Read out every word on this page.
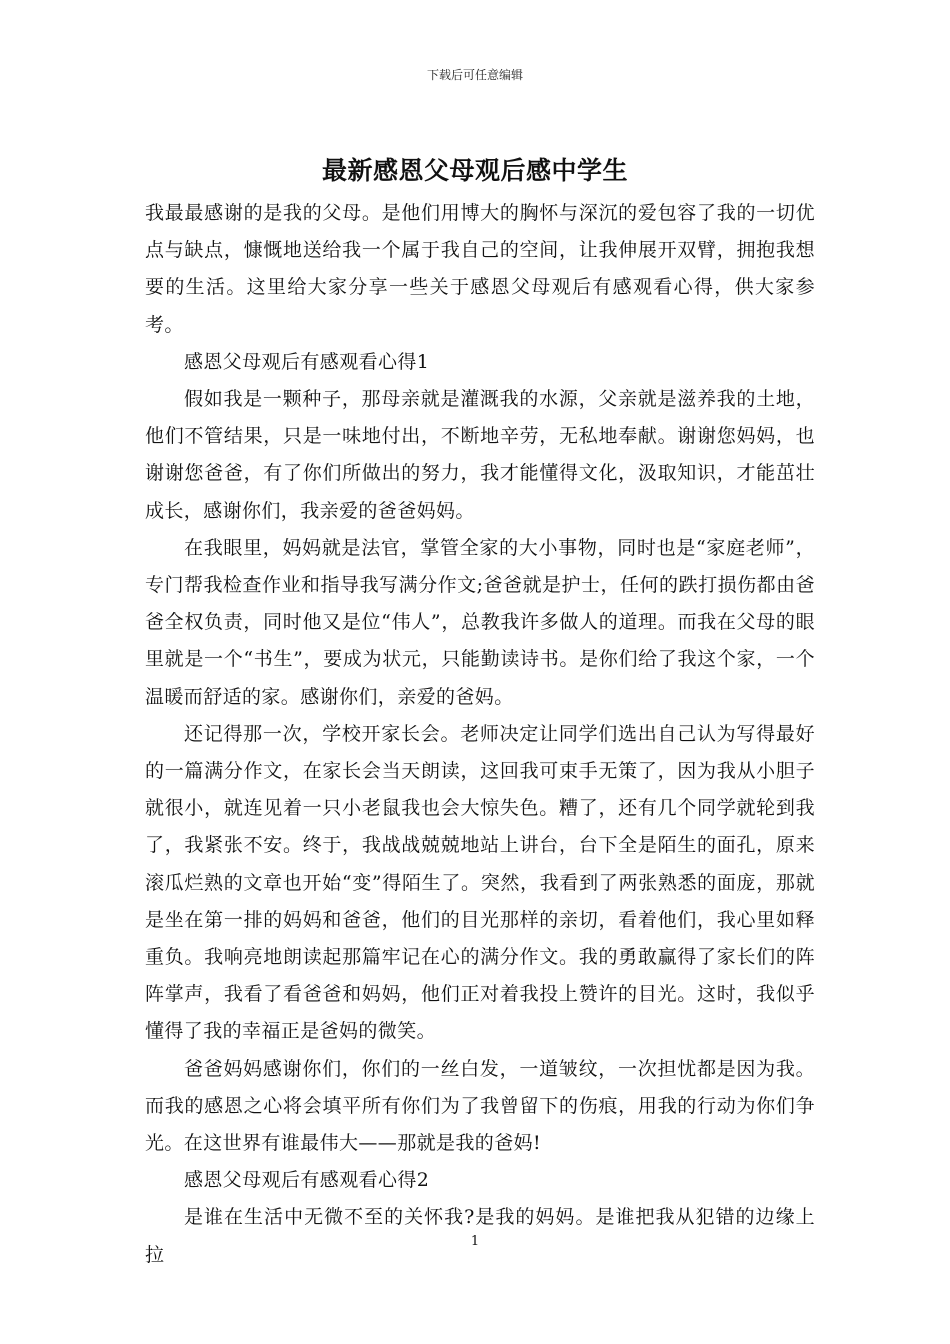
下载后可任意编辑
最新感恩父母观后感中学生

我最最感谢的是我的父母。是他们用博大的胸怀与深沉的爱包容了我的一切优点与缺点，慷慨地送给我一个属于我自己的空间，让我伸展开双臂，拥抱我想要的生活。这里给大家分享一些关于感恩父母观后有感观看心得，供大家参考。

感恩父母观后有感观看心得1

假如我是一颗种子，那母亲就是灌溉我的水源，父亲就是滋养我的土地，他们不管结果，只是一味地付出，不断地辛劳，无私地奉献。谢谢您妈妈，也谢谢您爸爸，有了你们所做出的努力，我才能懂得文化，汲取知识，才能茁壮成长，感谢你们，我亲爱的爸爸妈妈。

在我眼里，妈妈就是法官，掌管全家的大小事物，同时也是“家庭老师”，专门帮我检查作业和指导我写满分作文;爸爸就是护士，任何的跌打损伤都由爸爸全权负责，同时他又是位“伟人”，总教我许多做人的道理。而我在父母的眼里就是一个“书生”，要成为状元，只能勤读诗书。是你们给了我这个家，一个温暖而舒适的家。感谢你们，亲爱的爸妈。

还记得那一次，学校开家长会。老师决定让同学们选出自己认为写得最好的一篇满分作文，在家长会当天朗读，这回我可束手无策了，因为我从小胆子就很小，就连见着一只小老鼠我也会大惊失色。糟了，还有几个同学就轮到我了，我紧张不安。终于，我战战兢兢地站上讲台，台下全是陌生的面孔，原来滚瓜烂熟的文章也开始“变”得陌生了。突然，我看到了两张熟悉的面庞，那就是坐在第一排的妈妈和爸爸，他们的目光那样的亲切，看着他们，我心里如释重负。我响亮地朗读起那篇牢记在心的满分作文。我的勇敢赢得了家长们的阵阵掌声，我看了看爸爸和妈妈，他们正对着我投上赞许的目光。这时，我似乎懂得了我的幸福正是爸妈的微笑。

爸爸妈妈感谢你们，你们的一丝白发，一道皱纹，一次担忧都是因为我。而我的感恩之心将会填平所有你们为了我曾留下的伤痕，用我的行动为你们争光。在这世界有谁最伟大——那就是我的爸妈!

感恩父母观后有感观看心得2

是谁在生活中无微不至的关怀我?是我的妈妈。是谁把我从犯错的边缘上拉

1
